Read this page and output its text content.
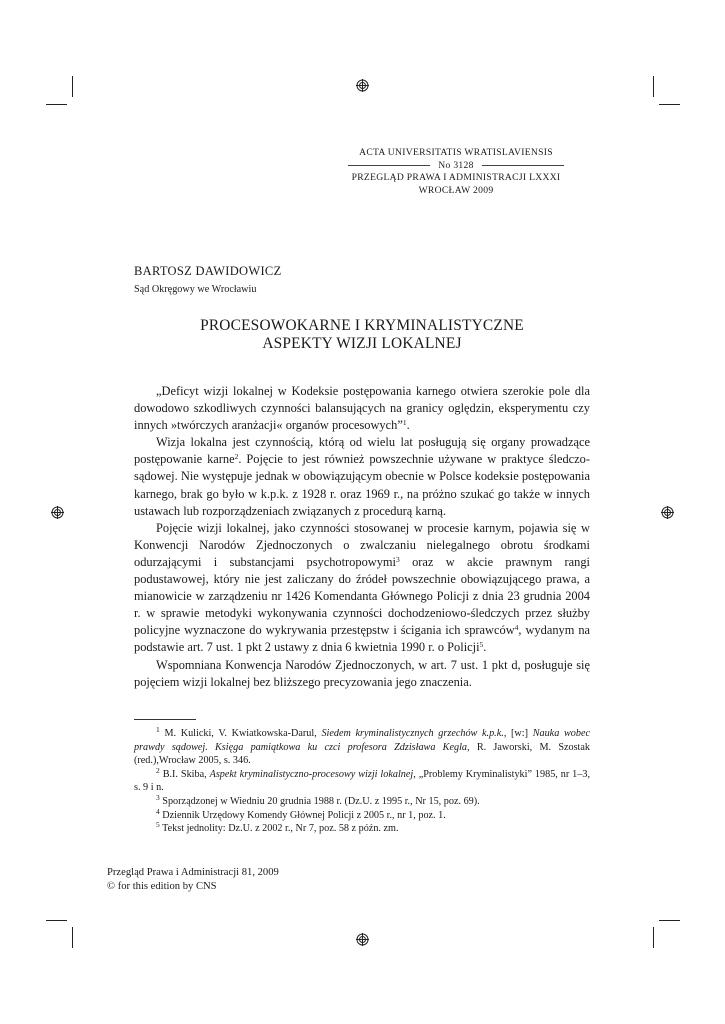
ACTA UNIVERSITATIS WRATISLAVIENSIS
No 3128
PRZEGLĄD PRAWA I ADMINISTRACJI LXXXI
WROCŁAW 2009
BARTOSZ DAWIDOWICZ
Sąd Okręgowy we Wrocławiu
PROCESOWOKARNE I KRYMINALISTYCZNE
ASPEKTY WIZJI LOKALNEJ

„Deficyt wizji lokalnej w Kodeksie postępowania karnego otwiera szerokie pole dla dowodowo szkodliwych czynności balansujących na granicy oględzin, eksperymentu czy innych »twórczych aranżacji« organów procesowych”$^1$.

Wizja lokalna jest czynnością, którą od wielu lat posługują się organy prowadzące postępowanie karne$^2$. Pojęcie to jest również powszechnie używane w praktyce śledczo-sądowej. Nie występuje jednak w obowiązującym obecnie w Polsce kodeksie postępowania karnego, brak go było w k.p.k. z 1928 r. oraz 1969 r., na próżno szukać go także w innych ustawach lub rozporządzeniach związanych z procedurą karną.

Pojęcie wizji lokalnej, jako czynności stosowanej w procesie karnym, pojawia się w Konwencji Narodów Zjednoczonych o zwalczaniu nielegalnego obrotu środkami odurzającymi i substancjami psychotropowymi$^3$ oraz w akcie prawnym rangi podustawowej, który nie jest zaliczany do źródeł powszechnie obowiązującego prawa, a mianowicie w zarządzeniu nr 1426 Komendanta Głównego Policji z dnia 23 grudnia 2004 r. w sprawie metodyki wykonywania czynności dochodzeniowo-śledczych przez służby policyjne wyznaczone do wykrywania przestępstw i ścigania ich sprawców$^4$, wydanym na podstawie art. 7 ust. 1 pkt 2 ustawy z dnia 6 kwietnia 1990 r. o Policji$^5$.

Wspomniana Konwencja Narodów Zjednoczonych, w art. 7 ust. 1 pkt d, posługuje się pojęciem wizji lokalnej bez bliższego precyzowania jego znaczenia.

$^1$ M. Kulicki, V. Kwiatkowska-Darul, Siedem kryminalistycznych grzechów k.p.k., [w:] Nauka wobec prawdy sądowej. Księga pamiątkowa ku czci profesora Zdzisława Kegla, R. Jaworski, M. Szostak (red.),Wrocław 2005, s. 346.

$^2$ B.I. Skiba, Aspekt kryminalistyczno-procesowy wizji lokalnej, „Problemy Kryminalistyki” 1985, nr 1–3, s. 9 i n.

$^3$ Sporządzonej w Wiedniu 20 grudnia 1988 r. (Dz.U. z 1995 r., Nr 15, poz. 69).

$^4$ Dziennik Urzędowy Komendy Głównej Policji z 2005 r., nr 1, poz. 1.

$^5$ Tekst jednolity: Dz.U. z 2002 r., Nr 7, poz. 58 z późn. zm.

Przegląd Prawa i Administracji 81, 2009
© for this edition by CNS
